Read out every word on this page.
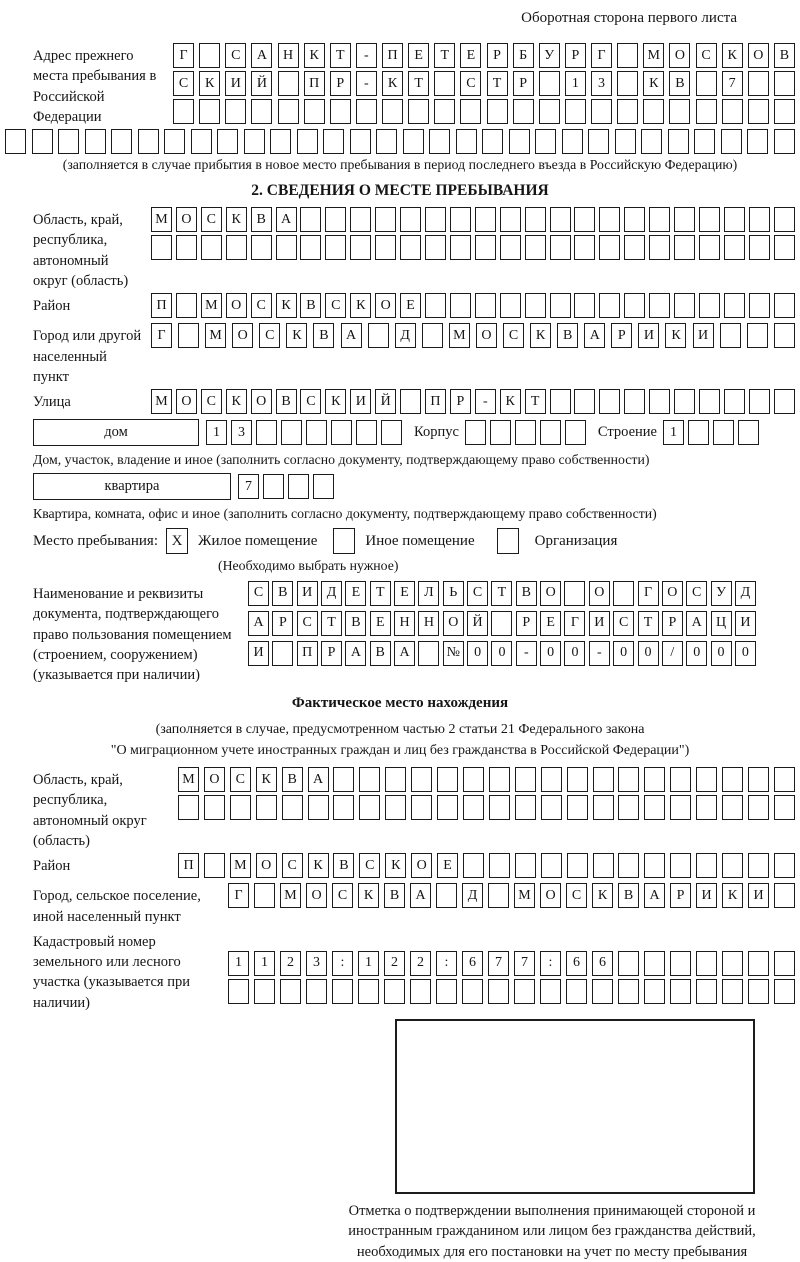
Оборотная сторона первого листа
Адрес прежнего места пребывания в Российской Федерации
Г	С	А	Н	К	Т	-	П	Е	Т	Е	Р	Б	У	Р	Г	М	О	С	К	О	В
С	К	И	Й	П	Р	-	К	Т	С	Т	Р	1	3	К	В	7
(заполняется в случае прибытия в новое место пребывания в период последнего въезда в Российскую Федерацию)
2. СВЕДЕНИЯ О МЕСТЕ ПРЕБЫВАНИЯ
Область, край, республика, автономный округ (область)
М О	С	К	В	А
Район	П	М О	С	К	В	С	К	О	Е
Город или другой населенный пункт
Г	М	О	С	К	В	А	Д	М	О	С	К	В	А	Р	И	К	И
Улица	М О	С	К	О	В	С	К	И	Й	П	Р	-	К	Т
дом	1	3	Корпус	Строение 1
Дом, участок, владение и иное (заполнить согласно документу, подтверждающему право собственности)
квартира	7
Квартира, комната, офис и иное (заполнить согласно документу, подтверждающему право собственности)
Место пребывания: X	Жилое помещение	Иное помещение	Организация
(Необходимо выбрать нужное)
Наименование и реквизиты документа, подтверждающего право пользования помещением (строением, сооружением) (указывается при наличии)
С	В	И	Д	Е	Т	Е	Л	Ь	С	Т	В	О	О	Г	О	С	У	Д
А	Р	С	Т	В	Е	Н	Н	О	Й	Р	Е	Г	И	С	Т	Р	А	Ц	И
И	П	Р	А	В	А	№	0	0	-	0	0	-	0	0	/	0	0	0
Фактическое место нахождения
(заполняется в случае, предусмотренном частью 2 статьи 21 Федерального закона
"О миграционном учете иностранных граждан и лиц без гражданства в Российской Федерации")
Область, край, республика, автономный округ (область)
М	О	С	К	В	А
Район	П	М	О	С	К	В	С	К	О	Е
Город, сельское поселение, иной населенный пункт
Г	М	О	С	К	В	А	Д	М	О	С	К	В	А	Р	И	К	И
Кадастровый номер земельного или лесного участка (указывается при наличии)
1	1	2	3	:	1	2	2	:	6	7	7	:	6	6
Отметка о подтверждении выполнения принимающей стороной и иностранным гражданином или лицом без гражданства действий, необходимых для его постановки на учет по месту пребывания
